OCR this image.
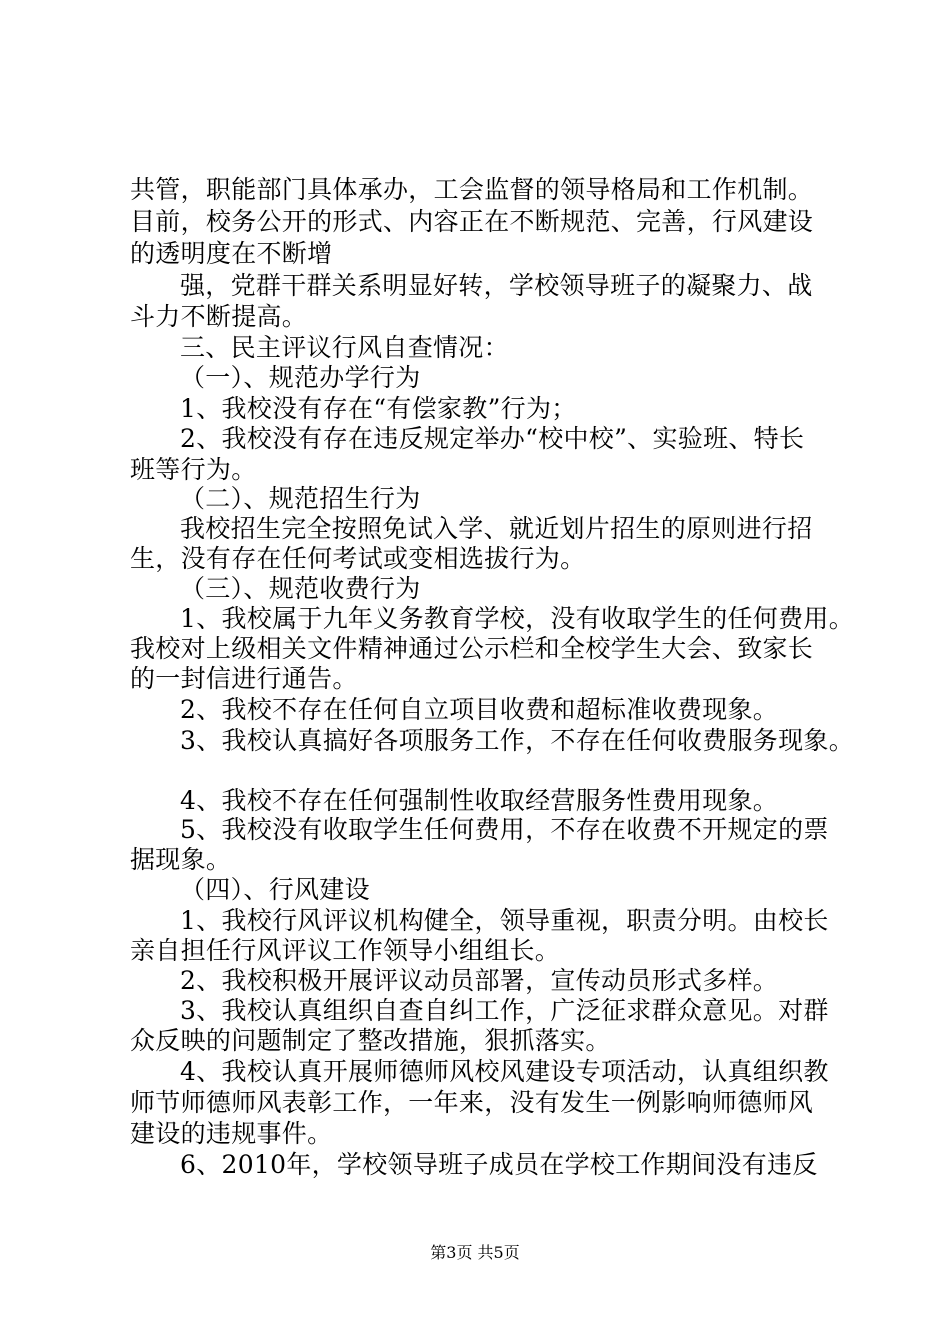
共管，职能部门具体承办，工会监督的领导格局和工作机制。
目前，校务公开的形式、内容正在不断规范、完善，行风建设
的透明度在不断增
强，党群干群关系明显好转，学校领导班子的凝聚力、战
斗力不断提高。
三、民主评议行风自查情况：
（一）、规范办学行为
1、我校没有存在“有偿家教”行为；
2、我校没有存在违反规定举办“校中校”、实验班、特长
班等行为。
（二）、规范招生行为
我校招生完全按照免试入学、就近划片招生的原则进行招
生，没有存在任何考试或变相选拔行为。
（三）、规范收费行为
1、我校属于九年义务教育学校，没有收取学生的任何费用。
我校对上级相关文件精神通过公示栏和全校学生大会、致家长
的一封信进行通告。
2、我校不存在任何自立项目收费和超标准收费现象。
3、我校认真搞好各项服务工作，不存在任何收费服务现象。
4、我校不存在任何强制性收取经营服务性费用现象。
5、我校没有收取学生任何费用，不存在收费不开规定的票
据现象。
（四）、行风建设
1、我校行风评议机构健全，领导重视，职责分明。由校长
亲自担任行风评议工作领导小组组长。
2、我校积极开展评议动员部署，宣传动员形式多样。
3、我校认真组织自查自纠工作，广泛征求群众意见。对群
众反映的问题制定了整改措施，狠抓落实。
4、我校认真开展师德师风校风建设专项活动，认真组织教
师节师德师风表彰工作，一年来，没有发生一例影响师德师风
建设的违规事件。
6、2010年，学校领导班子成员在学校工作期间没有违反
第3页 共5页
